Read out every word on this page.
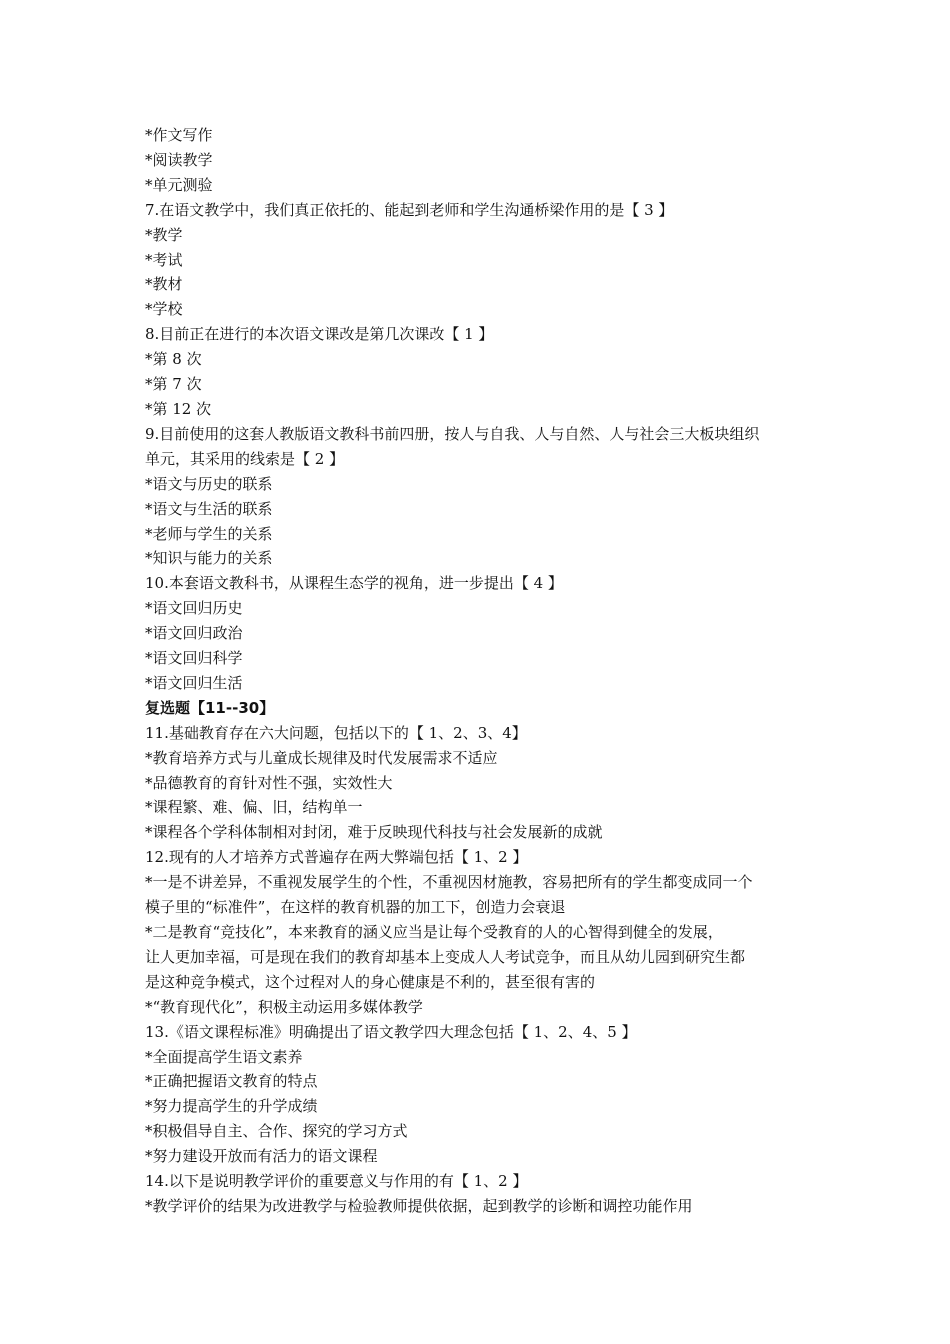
*作文写作
*阅读教学
*单元测验
7.在语文教学中，我们真正依托的、能起到老师和学生沟通桥梁作用的是【 3 】
*教学
*考试
*教材
*学校
8.目前正在进行的本次语文课改是第几次课改【 1 】
*第 8 次
*第 7 次
*第 12 次
9.目前使用的这套人教版语文教科书前四册，按人与自我、人与自然、人与社会三大板块组织
单元，其采用的线索是【 2 】
*语文与历史的联系
*语文与生活的联系
*老师与学生的关系
*知识与能力的关系
10.本套语文教科书，从课程生态学的视角，进一步提出【 4 】
*语文回归历史
*语文回归政治
*语文回归科学
*语文回归生活
复选题【11--30】
11.基础教育存在六大问题，包括以下的【 1、2、3、4】
*教育培养方式与儿童成长规律及时代发展需求不适应
*品德教育的育针对性不强，实效性大
*课程繁、难、偏、旧，结构单一
*课程各个学科体制相对封闭，难于反映现代科技与社会发展新的成就
12.现有的人才培养方式普遍存在两大弊端包括【 1、2 】
*一是不讲差异，不重视发展学生的个性，不重视因材施教，容易把所有的学生都变成同一个
模子里的“标准件”，在这样的教育机器的加工下，创造力会衰退
*二是教育“竞技化”，本来教育的涵义应当是让每个受教育的人的心智得到健全的发展，
让人更加幸福，可是现在我们的教育却基本上变成人人考试竞争，而且从幼儿园到研究生都
是这种竞争模式，这个过程对人的身心健康是不利的，甚至很有害的
*“教育现代化”，积极主动运用多媒体教学
13.《语文课程标准》明确提出了语文教学四大理念包括【 1、2、4、5 】
*全面提高学生语文素养
*正确把握语文教育的特点
*努力提高学生的升学成绩
*积极倡导自主、合作、探究的学习方式
*努力建设开放而有活力的语文课程
14.以下是说明教学评价的重要意义与作用的有【 1、2 】
*教学评价的结果为改进教学与检验教师提供依据，起到教学的诊断和调控功能作用
